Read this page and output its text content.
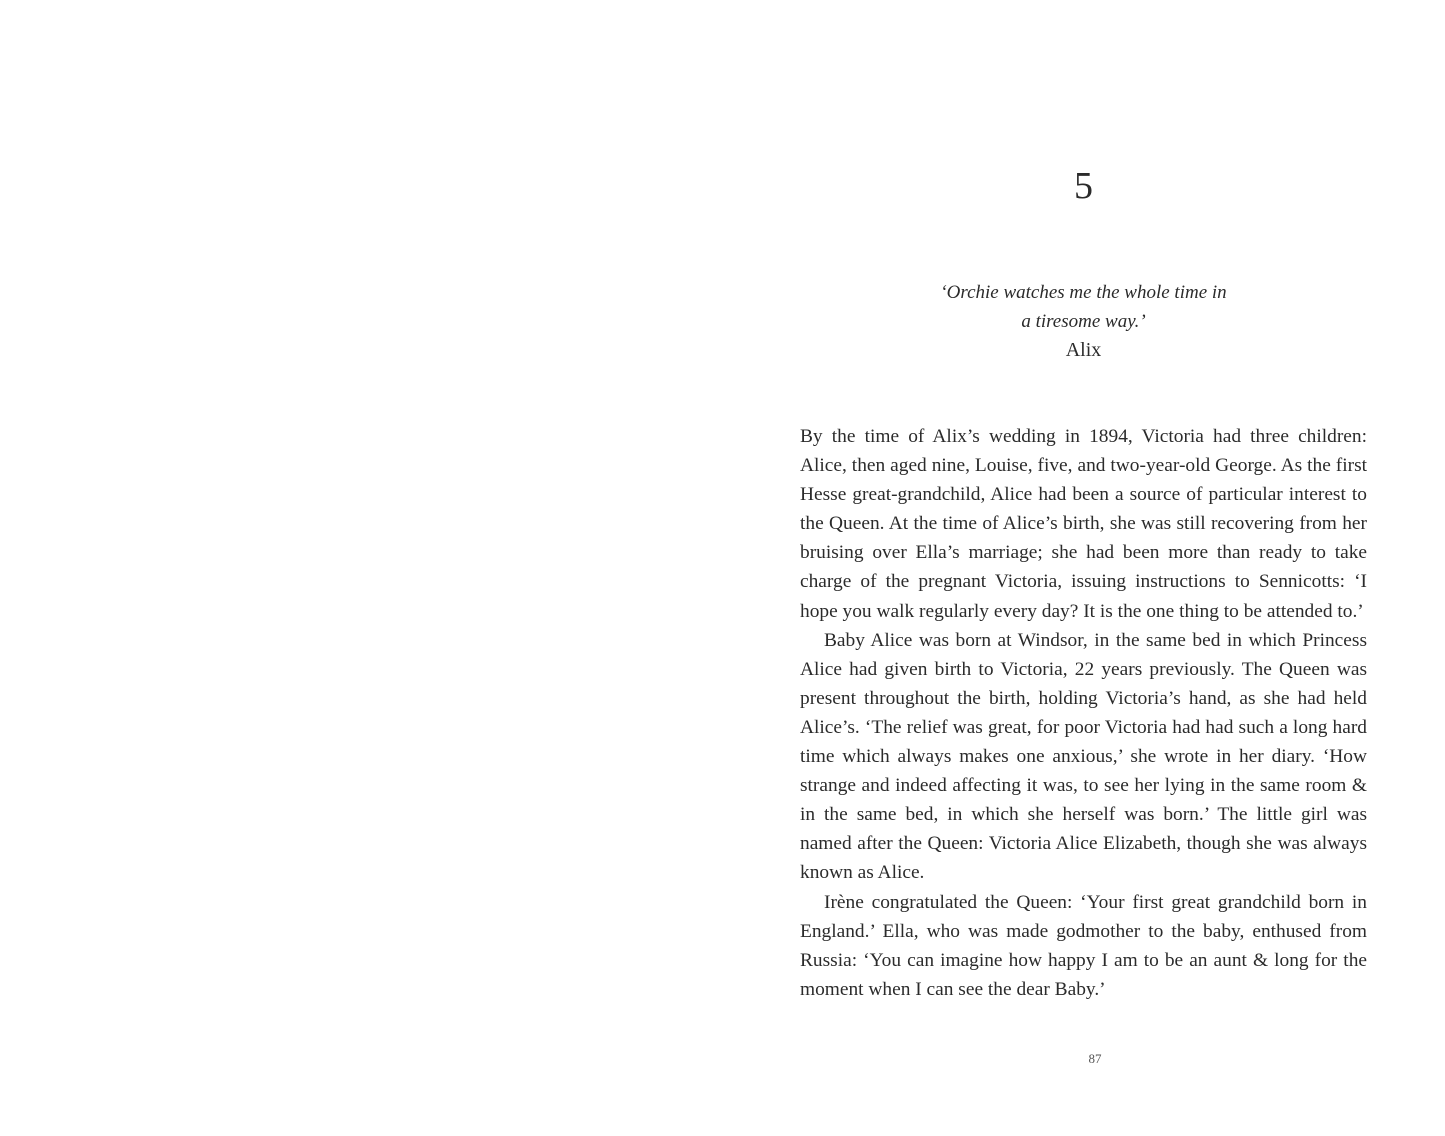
5

‘Orchie watches me the whole time in a tiresome way.’

Alix

By the time of Alix’s wedding in 1894, Victoria had three children: Alice, then aged nine, Louise, five, and two-year-old George. As the first Hesse great-grandchild, Alice had been a source of particular interest to the Queen. At the time of Alice’s birth, she was still recovering from her bruising over Ella’s marriage; she had been more than ready to take charge of the pregnant Victoria, issuing instructions to Sennicotts: ‘I hope you walk regularly every day? It is the one thing to be attended to.’

Baby Alice was born at Windsor, in the same bed in which Princess Alice had given birth to Victoria, 22 years previously. The Queen was present throughout the birth, holding Victoria’s hand, as she had held Alice’s. ‘The relief was great, for poor Victoria had had such a long hard time which always makes one anxious,’ she wrote in her diary. ‘How strange and indeed affecting it was, to see her lying in the same room & in the same bed, in which she herself was born.’ The little girl was named after the Queen: Victoria Alice Elizabeth, though she was always known as Alice.

Irène congratulated the Queen: ‘Your first great grandchild born in England.’ Ella, who was made godmother to the baby, enthused from Russia: ‘You can imagine how happy I am to be an aunt & long for the moment when I can see the dear Baby.’

87
